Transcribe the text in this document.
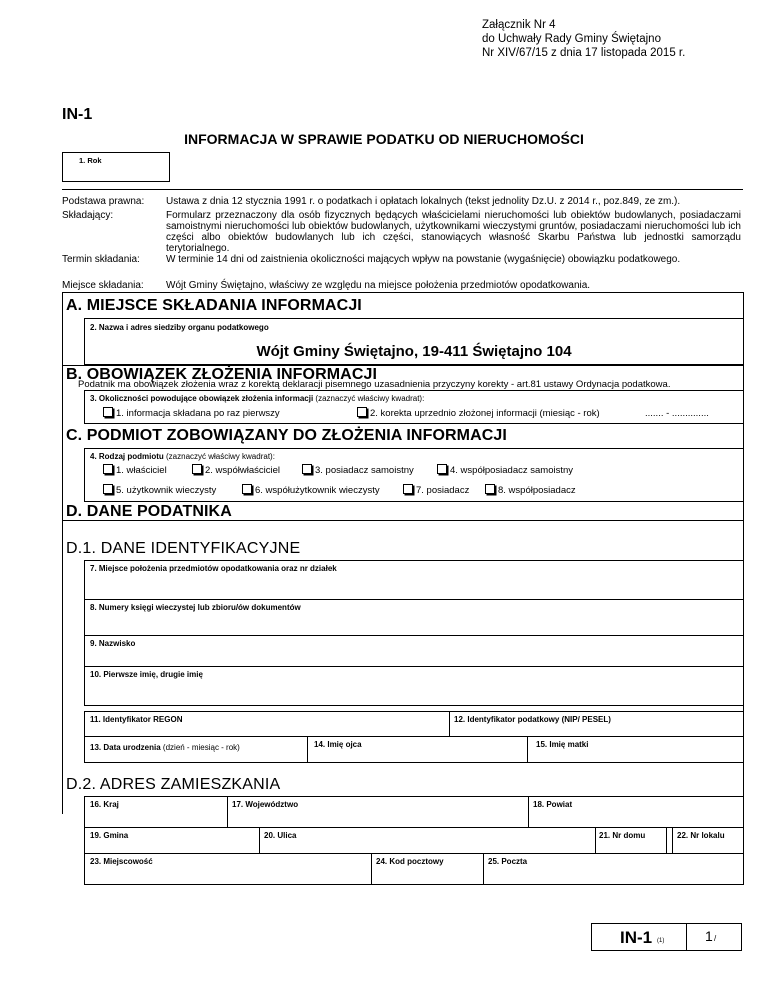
Załącznik Nr 4
do Uchwały Rady Gminy Świętajno
Nr XIV/67/15 z dnia 17 listopada 2015 r.
IN-1
INFORMACJA W SPRAWIE PODATKU OD NIERUCHOMOŚCI
1. Rok
Podstawa prawna: Ustawa z dnia 12 stycznia 1991 r. o podatkach i opłatach lokalnych (tekst jednolity Dz.U. z 2014 r., poz.849, ze zm.).
Składający:	Formularz przeznaczony dla osób fizycznych będących właścicielami nieruchomości lub obiektów budowlanych, posiadaczami samoistnymi nieruchomości lub obiektów budowlanych, użytkownikami wieczystymi gruntów, posiadaczami nieruchomości lub ich części albo obiektów budowlanych lub ich części, stanowiących własność Skarbu Państwa lub jednostki samorządu terytorialnego.
Termin składania:	W terminie 14 dni od zaistnienia okoliczności mających wpływ na powstanie (wygaśnięcie) obowiązku podatkowego.
Miejsce składania: Wójt Gminy Świętajno, właściwy ze względu na miejsce położenia przedmiotów opodatkowania.
A. MIEJSCE SKŁADANIA INFORMACJI
2. Nazwa i adres siedziby organu podatkowego
Wójt Gminy Świętajno, 19-411 Świętajno 104
B. OBOWIĄZEK ZŁOŻENIA INFORMACJI
Podatnik ma obowiązek złożenia wraz z korektą deklaracji pisemnego uzasadnienia przyczyny korekty - art.81 ustawy Ordynacja podatkowa.
3. Okoliczności powodujące obowiązek złożenia informacji (zaznaczyć właściwy kwadrat):
1. informacja składana po raz pierwszy	2. korekta uprzednio złożonej informacji (miesiąc - rok)	....... - ..............
C. PODMIOT ZOBOWIĄZANY DO ZŁOŻENIA INFORMACJI
4. Rodzaj podmiotu (zaznaczyć właściwy kwadrat):
1. właściciel	2. współwłaściciel	3. posiadacz samoistny	4. współposiadacz samoistny
5. użytkownik wieczysty	6. współużytkownik wieczysty	7. posiadacz	8. współposiadacz
D. DANE PODATNIKA
D.1. DANE IDENTYFIKACYJNE
7. Miejsce położenia przedmiotów opodatkowania oraz nr działek
8. Numery księgi wieczystej lub zbioru/ów dokumentów
9. Nazwisko
10. Pierwsze imię, drugie imię
11. Identyfikator REGON	12. Identyfikator podatkowy (NIP/ PESEL)
13. Data urodzenia (dzień - miesiąc - rok)	14. Imię ojca	15. Imię matki
D.2. ADRES ZAMIESZKANIA
16. Kraj	17. Województwo	18. Powiat
19. Gmina	20. Ulica	21. Nr domu	22. Nr lokalu
23. Miejscowość	24. Kod pocztowy	25. Poczta
IN-1 (1)	1 /
